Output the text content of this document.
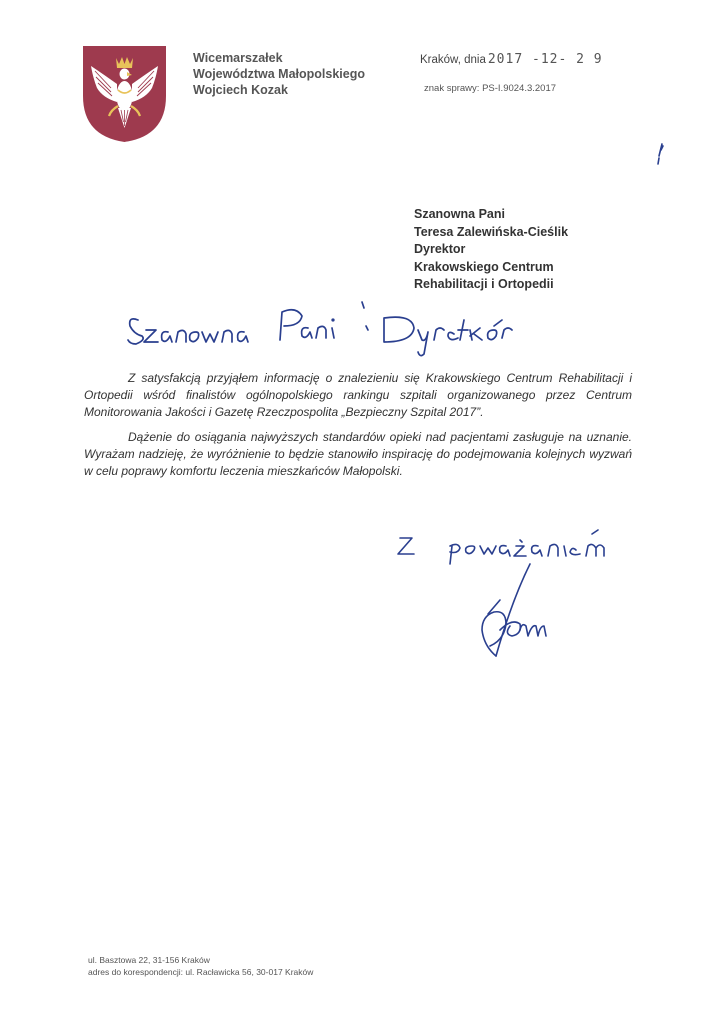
Wicemarszałek
Województwa Małopolskiego
Wojciech Kozak
Kraków, dnia 2017 -12- 2 9
znak sprawy: PS-I.9024.3.2017
Szanowna Pani
Teresa Zalewińska-Cieślik
Dyrektor
Krakowskiego Centrum
Rehabilitacji i Ortopedii

Z satysfakcją przyjąłem informację o znalezieniu się Krakowskiego Centrum Rehabilitacji i Ortopedii wśród finalistów ogólnopolskiego rankingu szpitali organizowanego przez Centrum Monitorowania Jakości i Gazetę Rzeczpospolita „Bezpieczny Szpital 2017”.

Dążenie do osiągania najwyższych standardów opieki nad pacjentami zasługuje na uznanie. Wyrażam nadzieję, że wyróżnienie to będzie stanowiło inspirację do podejmowania kolejnych wyzwań w celu poprawy komfortu leczenia mieszkańców Małopolski.

ul. Basztowa 22, 31-156 Kraków
adres do korespondencji: ul. Racławicka 56, 30-017 Kraków
